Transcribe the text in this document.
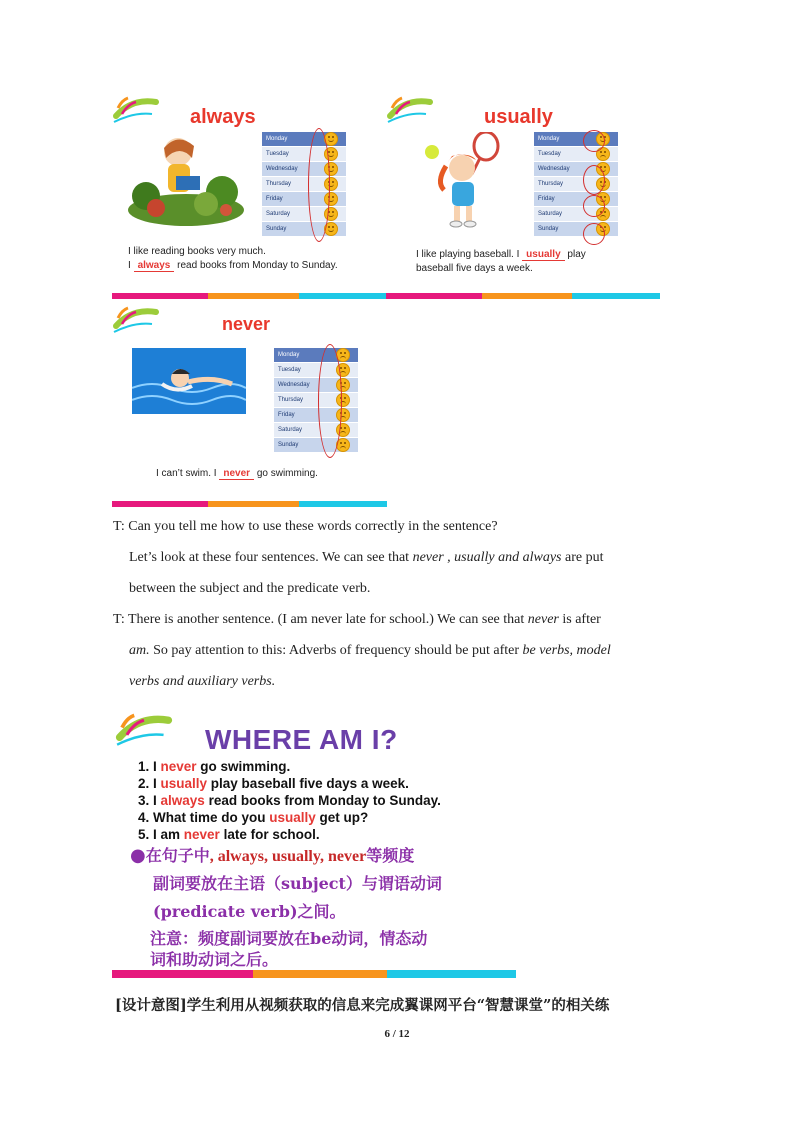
always
Monday	
Tuesday	
Wednesday	
Thursday	
Friday	
Saturday	
Sunday	
I like reading books very much.
I always read books from Monday to Sunday.
usually
Monday	
Tuesday	
Wednesday	
Thursday	
Friday	
Saturday	
Sunday	
I like playing baseball. I usually play
baseball five days a week.
never
Monday	
Tuesday	
Wednesday	
Thursday	
Friday	
Saturday	
Sunday	
I can’t swim. I never go swimming.
T: Can you tell me how to use these words correctly in the sentence?
Let’s look at these four sentences. We can see that never , usually and always are put
between the subject and the predicate verb.
T: There is another sentence. (I am never late for school.) We can see that never is after
am. So pay attention to this: Adverbs of frequency should be put after be verbs, model
verbs and auxiliary verbs.
WHERE AM I?
1. I never go swimming.
2. I usually play baseball five days a week.
3. I always read books from Monday to Sunday.
4. What time do you usually get up?
5. I am never late for school.
●在句子中, always, usually, never等频度
副词要放在主语（subject）与谓语动词
(predicate verb)之间。
注意：频度副词要放在be动词，情态动
词和助动词之后。
[设计意图]学生利用从视频获取的信息来完成翼课网平台“智慧课堂”的相关练
6 / 12
